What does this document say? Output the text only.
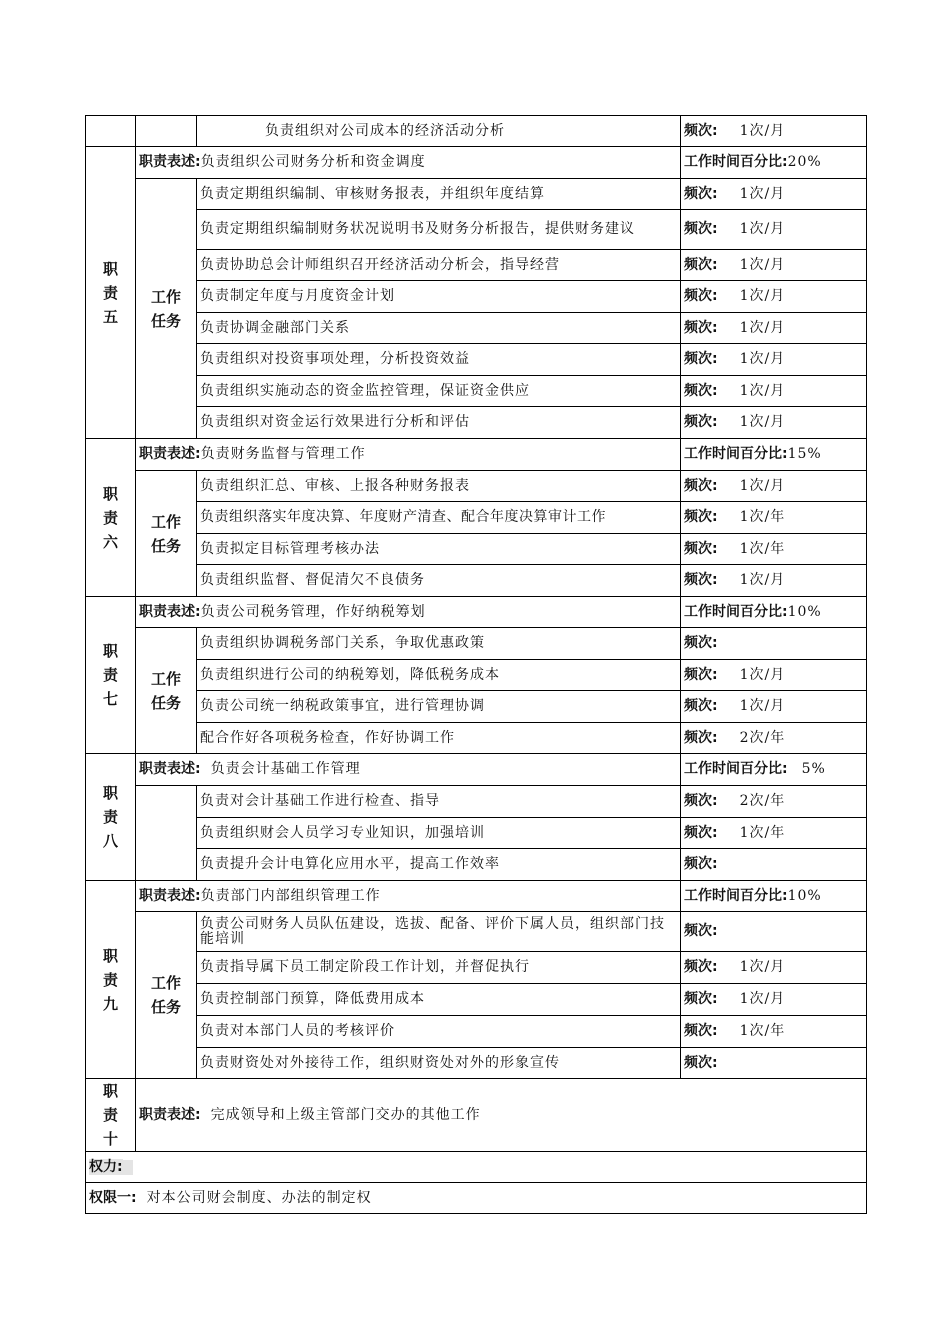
		负责组织对公司成本的经济活动分析	频次: 1次/月
职
责
五	职责表述:负责组织公司财务分析和资金调度		工作时间百分比:20%
	工作
任务	负责定期组织编制、审核财务报表，并组织年度结算	频次: 1次/月
		负责定期组织编制财务状况说明书及财务分析报告，提供财务建议	频次: 1次/月
		负责协助总会计师组织召开经济活动分析会，指导经营	频次: 1次/月
		负责制定年度与月度资金计划	频次: 1次/月
		负责协调金融部门关系	频次: 1次/月
		负责组织对投资事项处理，分析投资效益	频次: 1次/月
		负责组织实施动态的资金监控管理，保证资金供应	频次: 1次/月
		负责组织对资金运行效果进行分析和评估	频次: 1次/月
职
责
六	职责表述:负责财务监督与管理工作		工作时间百分比:15%
	工作
任务	负责组织汇总、审核、上报各种财务报表	频次: 1次/月
		负责组织落实年度决算、年度财产清查、配合年度决算审计工作	频次: 1次/年
		负责拟定目标管理考核办法	频次: 1次/年
		负责组织监督、督促清欠不良债务	频次: 1次/月
职
责
七	职责表述:负责公司税务管理，作好纳税筹划		工作时间百分比:10%
	工作
任务	负责组织协调税务部门关系，争取优惠政策	频次:
		负责组织进行公司的纳税筹划，降低税务成本	频次: 1次/月
		负责公司统一纳税政策事宜，进行管理协调	频次: 1次/月
		配合作好各项税务检查，作好协调工作	频次: 2次/年
职
责
八	职责表述: 负责会计基础工作管理		工作时间百分比: 5%
		负责对会计基础工作进行检查、指导	频次: 2次/年
		负责组织财会人员学习专业知识，加强培训	频次: 1次/年
		负责提升会计电算化应用水平，提高工作效率	频次:
职
责
九	职责表述:负责部门内部组织管理工作		工作时间百分比:10%
	工作
任务	负责公司财务人员队伍建设，选拔、配备、评价下属人员，组织部门技能培训	频次:
		负责指导属下员工制定阶段工作计划，并督促执行	频次: 1次/月
		负责控制部门预算，降低费用成本	频次: 1次/月
		负责对本部门人员的考核评价	频次: 1次/年
		负责财资处对外接待工作，组织财资处对外的形象宣传	频次:
职
责
十	职责表述: 完成领导和上级主管部门交办的其他工作		
权力:			
权限一: 对本公司财会制度、办法的制定权			
